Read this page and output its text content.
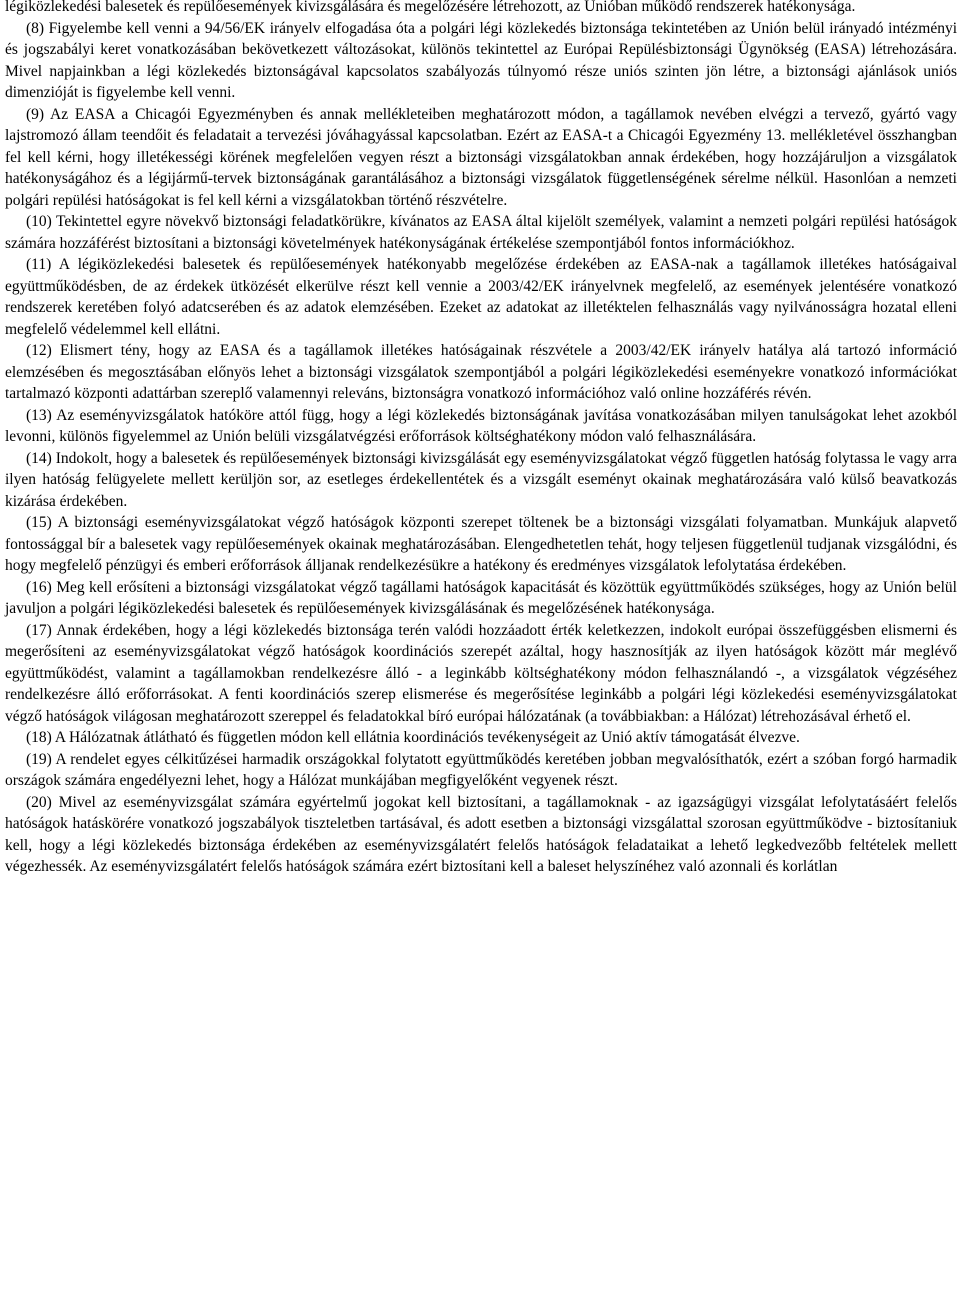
légiközlekedési balesetek és repülőesemények kivizsgálására és megelőzésére létrehozott, az Unióban működő rendszerek hatékonysága.

(8) Figyelembe kell venni a 94/56/EK irányelv elfogadása óta a polgári légi közlekedés biztonsága tekintetében az Unión belül irányadó intézményi és jogszabályi keret vonatkozásában bekövetkezett változásokat, különös tekintettel az Európai Repülésbiztonsági Ügynökség (EASA) létrehozására. Mivel napjainkban a légi közlekedés biztonságával kapcsolatos szabályozás túlnyomó része uniós szinten jön létre, a biztonsági ajánlások uniós dimenzióját is figyelembe kell venni.

(9) Az EASA a Chicagói Egyezményben és annak mellékleteiben meghatározott módon, a tagállamok nevében elvégzi a tervező, gyártó vagy lajstromozó állam teendőit és feladatait a tervezési jóváhagyással kapcsolatban. Ezért az EASA-t a Chicagói Egyezmény 13. mellékletével összhangban fel kell kérni, hogy illetékességi körének megfelelően vegyen részt a biztonsági vizsgálatokban annak érdekében, hogy hozzájáruljon a vizsgálatok hatékonyságához és a légijármű-tervek biztonságának garantálásához a biztonsági vizsgálatok függetlenségének sérelme nélkül. Hasonlóan a nemzeti polgári repülési hatóságokat is fel kell kérni a vizsgálatokban történő részvételre.

(10) Tekintettel egyre növekvő biztonsági feladatkörükre, kívánatos az EASA által kijelölt személyek, valamint a nemzeti polgári repülési hatóságok számára hozzáférést biztosítani a biztonsági követelmények hatékonyságának értékelése szempontjából fontos információkhoz.

(11) A légiközlekedési balesetek és repülőesemények hatékonyabb megelőzése érdekében az EASA-nak a tagállamok illetékes hatóságaival együttműködésben, de az érdekek ütközését elkerülve részt kell vennie a 2003/42/EK irányelvnek megfelelő, az események jelentésére vonatkozó rendszerek keretében folyó adatcserében és az adatok elemzésében. Ezeket az adatokat az illetéktelen felhasználás vagy nyilvánosságra hozatal elleni megfelelő védelemmel kell ellátni.

(12) Elismert tény, hogy az EASA és a tagállamok illetékes hatóságainak részvétele a 2003/42/EK irányelv hatálya alá tartozó információ elemzésében és megosztásában előnyös lehet a biztonsági vizsgálatok szempontjából a polgári légiközlekedési eseményekre vonatkozó információkat tartalmazó központi adattárban szereplő valamennyi releváns, biztonságra vonatkozó információhoz való online hozzáférés révén.

(13) Az eseményvizsgálatok hatóköre attól függ, hogy a légi közlekedés biztonságának javítása vonatkozásában milyen tanulságokat lehet azokból levonni, különös figyelemmel az Unión belüli vizsgálatvégzési erőforrások költséghatékony módon való felhasználására.

(14) Indokolt, hogy a balesetek és repülőesemények biztonsági kivizsgálását egy eseményvizsgálatokat végző független hatóság folytassa le vagy arra ilyen hatóság felügyelete mellett kerüljön sor, az esetleges érdekellentétek és a vizsgált eseményt okainak meghatározására való külső beavatkozás kizárása érdekében.

(15) A biztonsági eseményvizsgálatokat végző hatóságok központi szerepet töltenek be a biztonsági vizsgálati folyamatban. Munkájuk alapvető fontossággal bír a balesetek vagy repülőesemények okainak meghatározásában. Elengedhetetlen tehát, hogy teljesen függetlenül tudjanak vizsgálódni, és hogy megfelelő pénzügyi és emberi erőforrások álljanak rendelkezésükre a hatékony és eredményes vizsgálatok lefolytatása érdekében.

(16) Meg kell erősíteni a biztonsági vizsgálatokat végző tagállami hatóságok kapacitását és közöttük együttműködés szükséges, hogy az Unión belül javuljon a polgári légiközlekedési balesetek és repülőesemények kivizsgálásának és megelőzésének hatékonysága.

(17) Annak érdekében, hogy a légi közlekedés biztonsága terén valódi hozzáadott érték keletkezzen, indokolt európai összefüggésben elismerni és megerősíteni az eseményvizsgálatokat végző hatóságok koordinációs szerepét azáltal, hogy hasznosítják az ilyen hatóságok között már meglévő együttműködést, valamint a tagállamokban rendelkezésre álló - a leginkább költséghatékony módon felhasználandó -, a vizsgálatok végzéséhez rendelkezésre álló erőforrásokat. A fenti koordinációs szerep elismerése és megerősítése leginkább a polgári légi közlekedési eseményvizsgálatokat végző hatóságok világosan meghatározott szereppel és feladatokkal bíró európai hálózatának (a továbbiakban: a Hálózat) létrehozásával érhető el.

(18) A Hálózatnak átlátható és független módon kell ellátnia koordinációs tevékenységeit az Unió aktív támogatását élvezve.

(19) A rendelet egyes célkitűzései harmadik országokkal folytatott együttműködés keretében jobban megvalósíthatók, ezért a szóban forgó harmadik országok számára engedélyezni lehet, hogy a Hálózat munkájában megfigyelőként vegyenek részt.

(20) Mivel az eseményvizsgálat számára egyértelmű jogokat kell biztosítani, a tagállamoknak - az igazságügyi vizsgálat lefolytatásáért felelős hatóságok hatáskörére vonatkozó jogszabályok tiszteletben tartásával, és adott esetben a biztonsági vizsgálattal szorosan együttműködve - biztosítaniuk kell, hogy a légi közlekedés biztonsága érdekében az eseményvizsgálatért felelős hatóságok feladataikat a lehető legkedvezőbb feltételek mellett végezhessék. Az eseményvizsgálatért felelős hatóságok számára ezért biztosítani kell a baleset helyszínéhez való azonnali és korlátlan
